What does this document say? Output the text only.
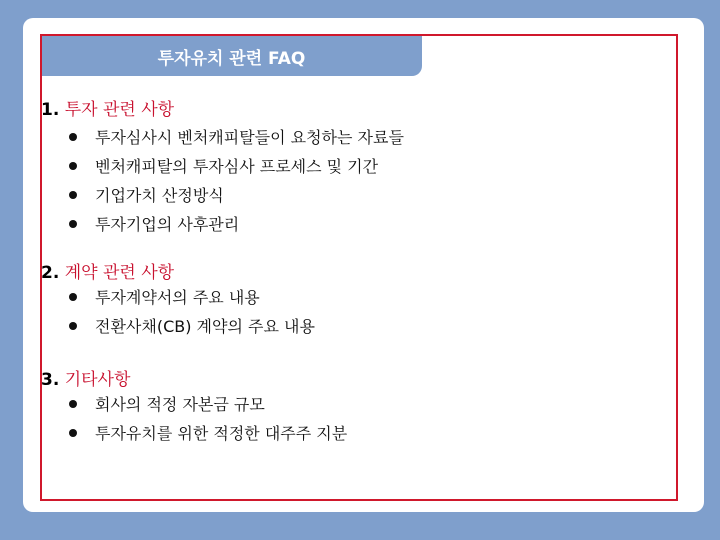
투자유치 관련 FAQ
1. 투자 관련 사항
투자심사시 벤처캐피탈들이 요청하는 자료들
벤처캐피탈의 투자심사 프로세스 및 기간
기업가치 산정방식
투자기업의 사후관리
2. 계약 관련 사항
투자계약서의 주요 내용
전환사채(CB) 계약의 주요 내용
3. 기타사항
회사의 적정 자본금 규모
투자유치를 위한 적정한 대주주 지분
